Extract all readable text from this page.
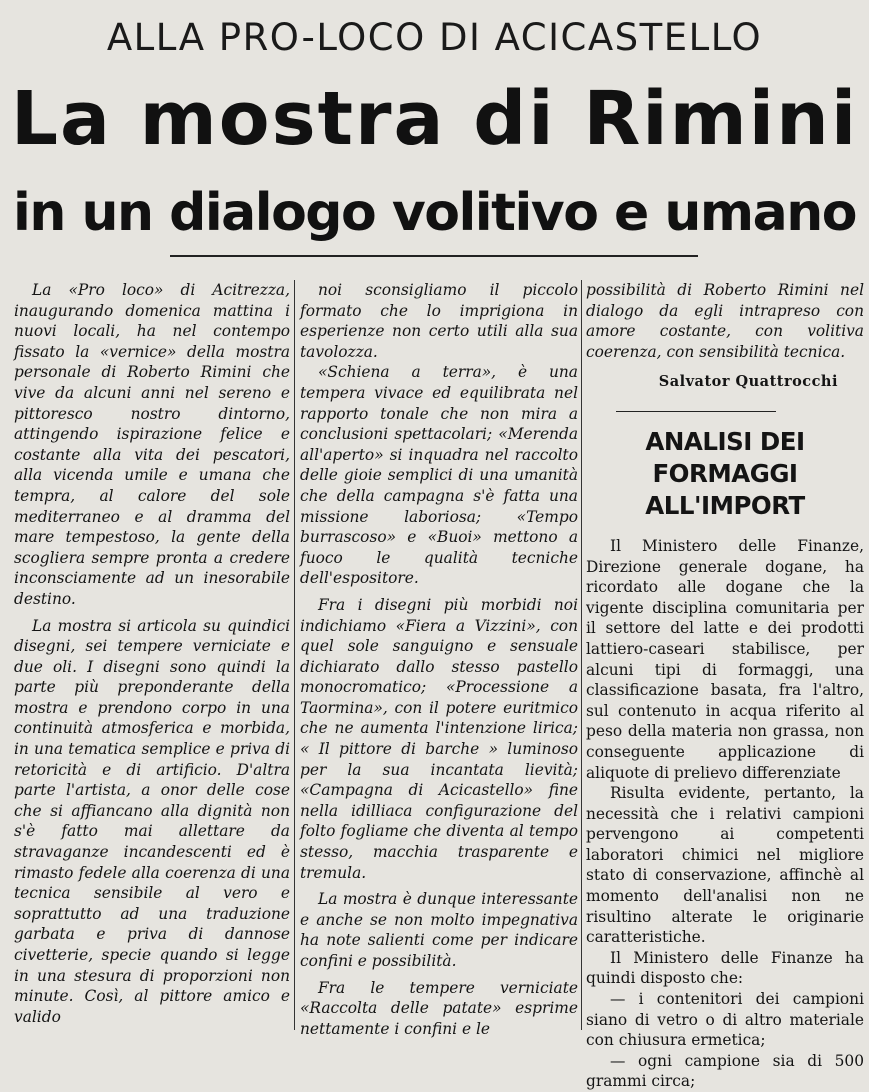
ALLA PRO-LOCO DI ACICASTELLO
La mostra di Rimini
in un dialogo volitivo e umano

La «Pro loco» di Acitrezza, inaugurando domenica mattina i nuovi locali, ha nel contempo fissato la «vernice» della mostra personale di Roberto Rimini che vive da alcuni anni nel sereno e pittoresco nostro dintorno, attingendo ispirazione felice e costante alla vita dei pescatori, alla vicenda umile e umana che tempra, al calore del sole mediterraneo e al dramma del mare tempestoso, la gente della scogliera sempre pronta a credere inconsciamente ad un inesorabile destino.

La mostra si articola su quindici disegni, sei tempere verniciate e due oli. I disegni sono quindi la parte più preponderante della mostra e prendono corpo in una continuità atmosferica e morbida, in una tematica semplice e priva di retoricità e di artificio. D'altra parte l'artista, a onor delle cose che si affiancano alla dignità non s'è fatto mai allettare da stravaganze incandescenti ed è rimasto fedele alla coerenza di una tecnica sensibile al vero e soprattutto ad una traduzione garbata e priva di dannose civetterie, specie quando si legge in una stesura di proporzioni non minute. Così, al pittore amico e valido

noi sconsigliamo il piccolo formato che lo imprigiona in esperienze non certo utili alla sua tavolozza.

«Schiena a terra», è una tempera vivace ed equilibrata nel rapporto tonale che non mira a conclusioni spettacolari; «Merenda all'aperto» si inquadra nel raccolto delle gioie semplici di una umanità che della campagna s'è fatta una missione laboriosa; «Tempo burrascoso» e «Buoi» mettono a fuoco le qualità tecniche dell'espositore.

Fra i disegni più morbidi noi indichiamo «Fiera a Vizzini», con quel sole sanguigno e sensuale dichiarato dallo stesso pastello monocromatico; «Processione a Taormina», con il potere euritmico che ne aumenta l'intenzione lirica; « Il pittore di barche » luminoso per la sua incantata lievità; «Campagna di Acicastello» fine nella idilliaca configurazione del folto fogliame che diventa al tempo stesso, macchia trasparente e tremula.

La mostra è dunque interessante e anche se non molto impegnativa ha note salienti come per indicare confini e possibilità.

Fra le tempere verniciate «Raccolta delle patate» esprime nettamente i confini e le

possibilità di Roberto Rimini nel dialogo da egli intrapreso con amore costante, con volitiva coerenza, con sensibilità tecnica.

Salvator Quattrocchi
ANALISI DEI FORMAGGI
ALL'IMPORT

Il Ministero delle Finanze, Direzione generale dogane, ha ricordato alle dogane che la vigente disciplina comunitaria per il settore del latte e dei prodotti lattiero-caseari stabilisce, per alcuni tipi di formaggi, una classificazione basata, fra l'altro, sul contenuto in acqua riferito al peso della materia non grassa, non conseguente applicazione di aliquote di prelievo differenziate

Risulta evidente, pertanto, la necessità che i relativi campioni pervengono ai competenti laboratori chimici nel migliore stato di conservazione, affinchè al momento dell'analisi non ne risultino alterate le originarie caratteristiche.

Il Ministero delle Finanze ha quindi disposto che:

— i contenitori dei campioni siano di vetro o di altro materiale con chiusura ermetica;

— ogni campione sia di 500 grammi circa;
